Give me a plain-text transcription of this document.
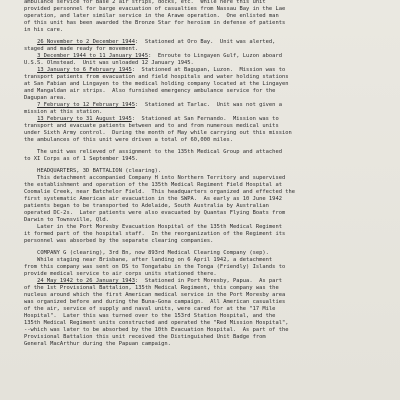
ambulance service for Base 2 air strips, docks, etc.  While here this unit
provided personnel for barge evacuation of casualties from Nassau Bay in the Lae
operation, and later similar service in the Arawe operation.  One enlisted man
of this unit has been awarded the Bronze Star for heroism in defense of patients
in his care.
26 November to 2 December 1944:  Stationed at Oro Bay.  Unit was alerted,
staged and made ready for movement.
3 December 1944 to 11 January 1945:  Enroute to Lingayen Gulf, Luzon aboard
U.S.S. Olmstead.  Unit was unloaded 12 January 1945.
13 January to 6 February 1945:  Stationed at Bagupan, Luzon.  Mission was to
transport patients from evacuation and field hospitals and water holding stations
at San Fabian and Lingayen to the medical holding company located at the Lingayen
and Mangaldan air strips.  Also furnished emergency ambulance service for the
Dagupan area.
7 February to 12 February 1945:  Stationed at Tarlac.  Unit was not given a
mission at this station.
13 February to 31 August 1945:  Stationed at San Fernando.  Mission was to
transport and evacuate patients between and to and from numerous medical units
under Sixth Army control.  During the month of May while carrying out this mission
the ambulances of this unit were driven a total of 60,000 miles.
The unit was relieved of assignment to the 135th Medical Group and attached
to XI Corps as of 1 September 1945.
HEADQUARTERS, 3D BATTALION (clearing).
This detachment accompanied Company H into Northern Territory and supervised
the establishment and operation of the 135th Medical Regiment Field Hospital at
Coomalie Creek, near Batchelor Field.  This headquarters organized and effected the
first systematic American air evacuation in the SWPA.  As early as 10 June 1942
patients began to be transported to Adelaide, South Australia by Australian
operated DC-2s.  Later patients were also evacuated by Quantas Flying Boats from
Darwin to Townsville, Qld.
Later in the Port Moresby Evacuation Hospital of the 135th Medical Regiment
it formed part of the hospital staff.  In the reorganization of the Regiment its
personnel was absorbed by the separate clearing companies.
COMPANY G (clearing), 3rd Bn, now 893rd Medical Clearing Company (sep).
While staging near Brisbane, after landing on 6 April 1942, a detachment
from this company was sent on DS to Tongatabu in the Tonga (Friendly) Islands to
provide medical service to air corps units stationed there.
24 May 1942 to 26 January 1943:  Stationed in Port Moresby, Papua.  As part
of the 1st Provisional Battalion, 135th Medical Regiment, this company was the
nucleus around which the first American medical service in the Port Moresby area
was organized before and during the Buna-Gona campaign.  All American casualties
of the air, service of supply and naval units, were cared for at the "17 Mile
Hospital".  Later this was turned over to the 153rd Station Hospital, and the
135th Medical Regiment units constructed and operated the "Red Mission Hospital",
--which was later to be absorbed by the 10th Evacuation Hospital.  As part of the
Provisional Battalion this unit received the Distinguished Unit Badge from
General MacArthur during the Papuan campaign.
